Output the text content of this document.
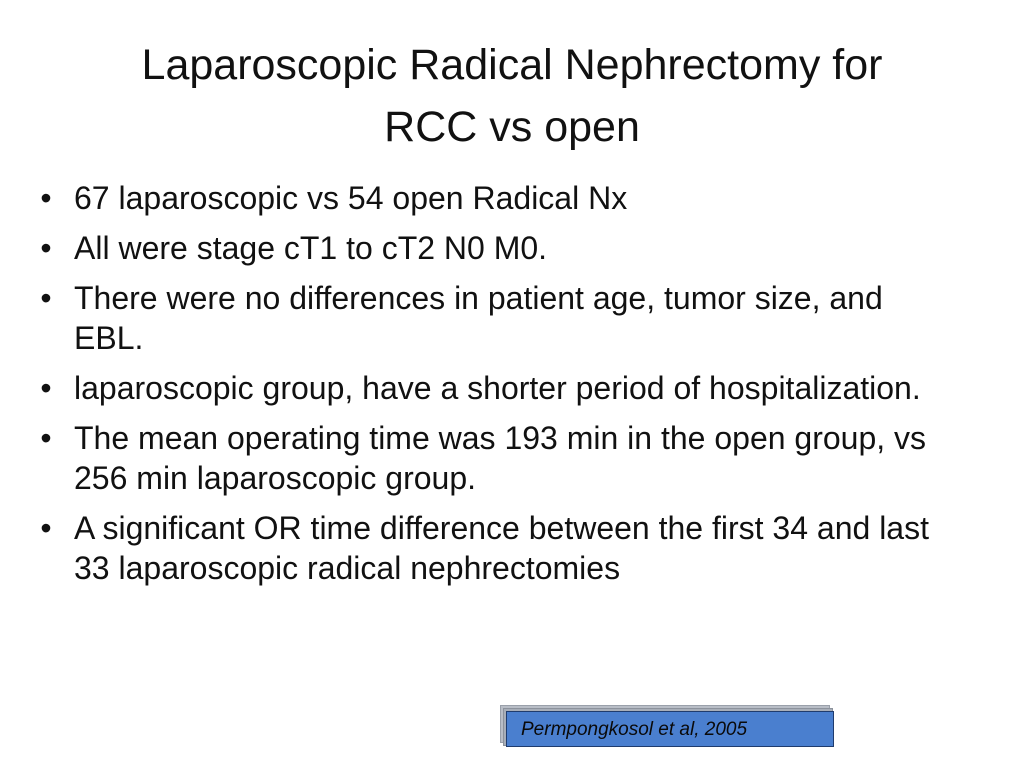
Laparoscopic Radical Nephrectomy for
RCC vs open
• 67 laparoscopic vs 54 open Radical Nx
• All were stage cT1 to cT2 N0 M0.
• There were no differences in patient age, tumor size, and EBL.
• laparoscopic group, have a shorter period of hospitalization.
• The mean operating time was 193 min in the open group, vs 256 min laparoscopic group.
• A significant OR time difference between the first 34 and last 33 laparoscopic radical nephrectomies
Permpongkosol et al, 2005
